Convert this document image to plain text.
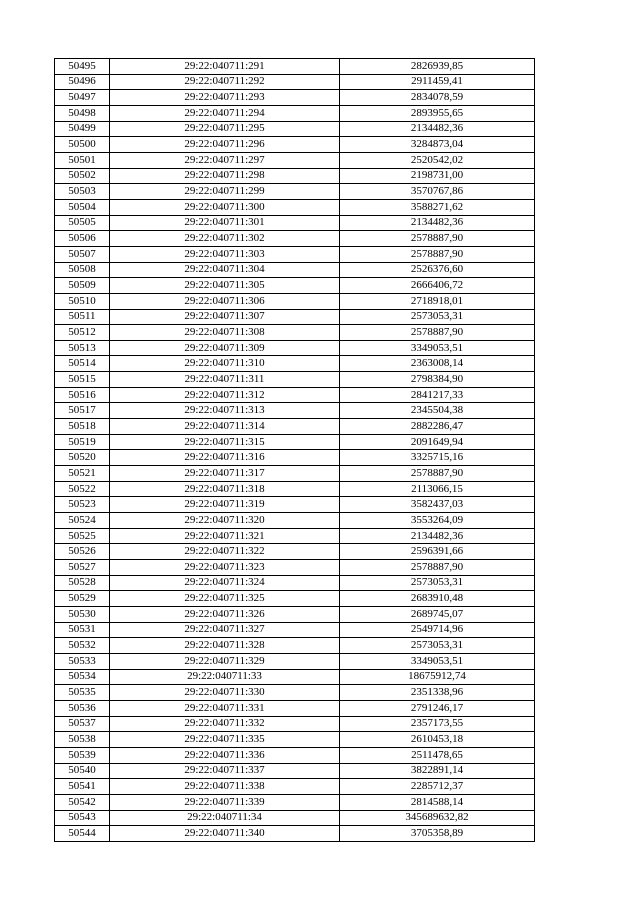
50495	29:22:040711:291	2826939,85
50496	29:22:040711:292	2911459,41
50497	29:22:040711:293	2834078,59
50498	29:22:040711:294	2893955,65
50499	29:22:040711:295	2134482,36
50500	29:22:040711:296	3284873,04
50501	29:22:040711:297	2520542,02
50502	29:22:040711:298	2198731,00
50503	29:22:040711:299	3570767,86
50504	29:22:040711:300	3588271,62
50505	29:22:040711:301	2134482,36
50506	29:22:040711:302	2578887,90
50507	29:22:040711:303	2578887,90
50508	29:22:040711:304	2526376,60
50509	29:22:040711:305	2666406,72
50510	29:22:040711:306	2718918,01
50511	29:22:040711:307	2573053,31
50512	29:22:040711:308	2578887,90
50513	29:22:040711:309	3349053,51
50514	29:22:040711:310	2363008,14
50515	29:22:040711:311	2798384,90
50516	29:22:040711:312	2841217,33
50517	29:22:040711:313	2345504,38
50518	29:22:040711:314	2882286,47
50519	29:22:040711:315	2091649,94
50520	29:22:040711:316	3325715,16
50521	29:22:040711:317	2578887,90
50522	29:22:040711:318	2113066,15
50523	29:22:040711:319	3582437,03
50524	29:22:040711:320	3553264,09
50525	29:22:040711:321	2134482,36
50526	29:22:040711:322	2596391,66
50527	29:22:040711:323	2578887,90
50528	29:22:040711:324	2573053,31
50529	29:22:040711:325	2683910,48
50530	29:22:040711:326	2689745,07
50531	29:22:040711:327	2549714,96
50532	29:22:040711:328	2573053,31
50533	29:22:040711:329	3349053,51
50534	29:22:040711:33	18675912,74
50535	29:22:040711:330	2351338,96
50536	29:22:040711:331	2791246,17
50537	29:22:040711:332	2357173,55
50538	29:22:040711:335	2610453,18
50539	29:22:040711:336	2511478,65
50540	29:22:040711:337	3822891,14
50541	29:22:040711:338	2285712,37
50542	29:22:040711:339	2814588,14
50543	29:22:040711:34	345689632,82
50544	29:22:040711:340	3705358,89
